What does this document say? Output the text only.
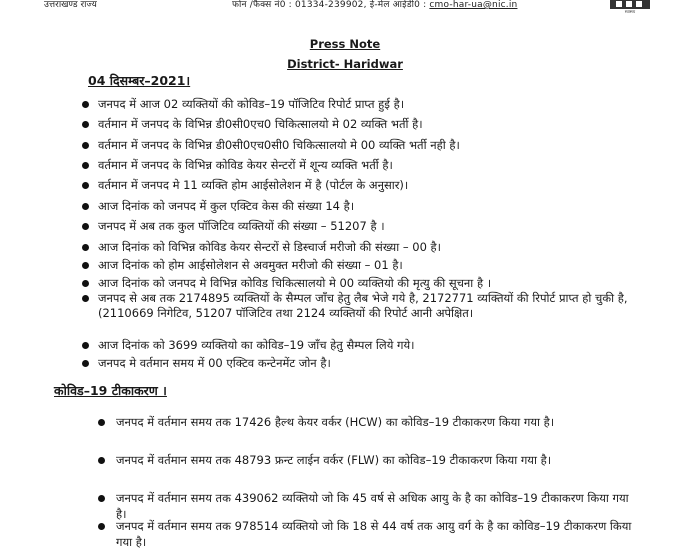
उत्तराखण्ड राज्य	फोन /फैक्स नं0 : 01334-239902, ई-मेल आईडी0 : cmo-har-ua@nic.in
स्वास्थ्य
Press Note
District- Haridwar
04 दिसम्बर–2021।
जनपद में आज 02 व्यक्तियों की कोविड–19 पॉजिटिव रिपोर्ट प्राप्त हुई है।
वर्तमान में जनपद के विभिन्न डी0सी0एच0 चिकित्सालयो मे 02 व्यक्ति भर्ती है।
वर्तमान में जनपद के विभिन्न डी0सी0एच0सी0 चिकित्सालयो मे 00 व्यक्ति भर्ती नही है।
वर्तमान में जनपद के विभिन्न कोविड केयर सेन्टरों में शून्य व्यक्ति भर्ती है।
वर्तमान में जनपद मे 11 व्यक्ति होम आईसोलेशन में है (पोर्टल के अनुसार)।
आज दिनांक को जनपद में कुल एक्टिव केस की संख्या 14 है।
जनपद में अब तक कुल पॉजिटिव व्यक्तियों की संख्या – 51207 है ।
आज दिनांक को विभिन्न कोविड केयर सेन्टरों से डिस्चार्ज मरीजो की संख्या – 00 है।
आज दिनांक को होम आईसोलेशन से अवमुक्त मरीजो की संख्या – 01 है।
आज दिनांक को जनपद मे विभिन्न कोविड चिकित्सालयो मे 00 व्यक्तियो की मृत्यु की सूचना है ।
जनपद से अब तक 2174895 व्यक्तियों के सैम्पल जाँच हेतु लैब भेजे गये है, 2172771 व्यक्तियों की रिपोर्ट प्राप्त हो चुकी है, (2110669 निगेटिव, 51207 पॉजिटिव तथा 2124 व्यक्तियों की रिपोर्ट आनी अपेक्षित।
आज दिनांक को 3699 व्यक्तियो का कोविड–19 जाँच हेतु सैम्पल लिये गये।
जनपद मे वर्तमान समय में 00 एक्टिव कन्टेनमेंट जोन है।
कोविड–19 टीकाकरण ।
जनपद में वर्तमान समय तक 17426 हैल्थ केयर वर्कर (HCW) का कोविड–19 टीकाकरण किया गया है।
जनपद में वर्तमान समय तक 48793 फ्रन्ट लाईन वर्कर (FLW) का कोविड–19 टीकाकरण किया गया है।
जनपद में वर्तमान समय तक 439062 व्यक्तियो जो कि 45 वर्ष से अधिक आयु के है का कोविड–19 टीकाकरण किया गया है।
जनपद में वर्तमान समय तक 978514 व्यक्तियो जो कि 18 से 44 वर्ष तक आयु वर्ग के है का कोविड–19 टीकाकरण किया गया है।
